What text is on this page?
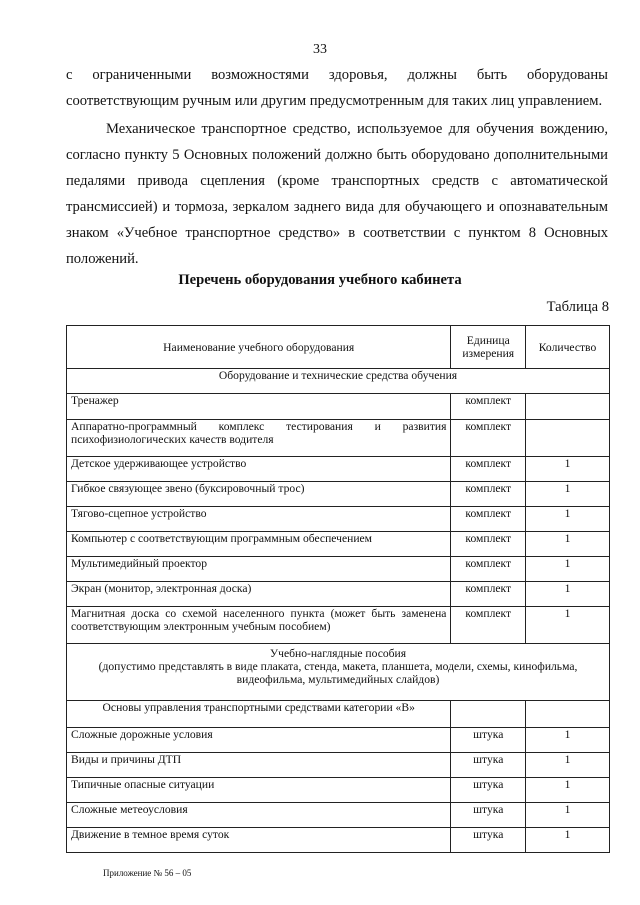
33
с ограниченными возможностями здоровья, должны быть оборудованы соответствующим ручным или другим предусмотренным для таких лиц управлением.
Механическое транспортное средство, используемое для обучения вождению, согласно пункту 5 Основных положений должно быть оборудовано дополнительными педалями привода сцепления (кроме транспортных средств с автоматической трансмиссией) и тормоза, зеркалом заднего вида для обучающего и опознавательным знаком «Учебное транспортное средство» в соответствии с пунктом 8 Основных положений.
Перечень оборудования учебного кабинета
Таблица 8
Наименование учебного оборудования	Единица измерения	Количество
Оборудование и технические средства обучения		
Тренажер	комплект	
Аппаратно-программный комплекс тестирования и развития психофизиологических качеств водителя	комплект	
Детское удерживающее устройство	комплект	1
Гибкое связующее звено (буксировочный трос)	комплект	1
Тягово-сцепное устройство	комплект	1
Компьютер с соответствующим программным обеспечением	комплект	1
Мультимедийный проектор	комплект	1
Экран (монитор, электронная доска)	комплект	1
Магнитная доска со схемой населенного пункта (может быть заменена соответствующим электронным учебным пособием)	комплект	1

Учебно-наглядные пособия
(допустимо представлять в виде плаката, стенда, макета, планшета, модели, схемы, кинофильма, видеофильма, мультимедийных слайдов)		

Основы управления транспортными средствами категории «B»		
Сложные дорожные условия	штука	1
Виды и причины ДТП	штука	1
Типичные опасные ситуации	штука	1
Сложные метеоусловия	штука	1
Движение в темное время суток	штука	1
Приложение № 56 – 05
